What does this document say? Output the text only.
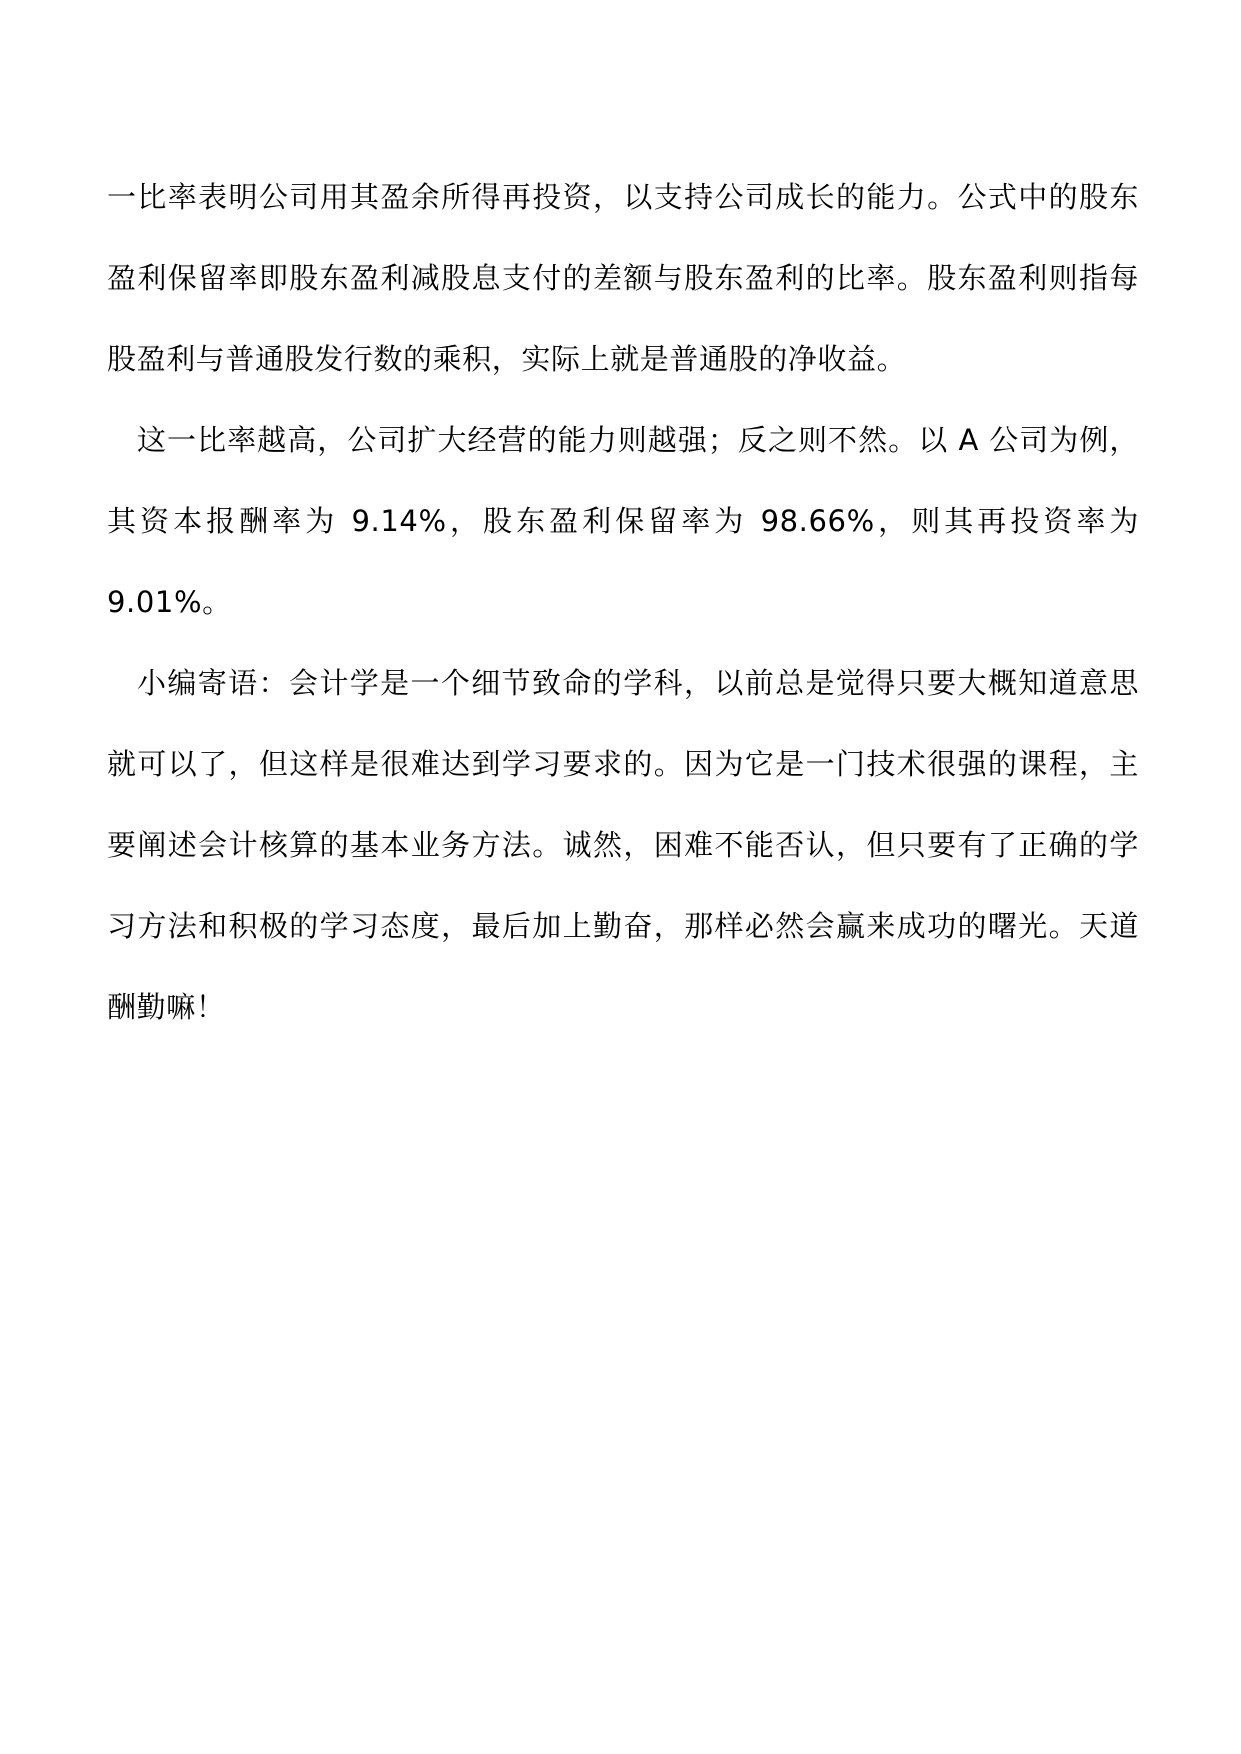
一比率表明公司用其盈余所得再投资，以支持公司成长的能力。公式中的股东盈利保留率即股东盈利减股息支付的差额与股东盈利的比率。股东盈利则指每股盈利与普通股发行数的乘积，实际上就是普通股的净收益。

这一比率越高，公司扩大经营的能力则越强；反之则不然。以 A 公司为例，其资本报酬率为 9.14%，股东盈利保留率为 98.66%，则其再投资率为 9.01%。

小编寄语：会计学是一个细节致命的学科，以前总是觉得只要大概知道意思就可以了，但这样是很难达到学习要求的。因为它是一门技术很强的课程，主要阐述会计核算的基本业务方法。诚然，困难不能否认，但只要有了正确的学习方法和积极的学习态度，最后加上勤奋，那样必然会赢来成功的曙光。天道酬勤嘛！
